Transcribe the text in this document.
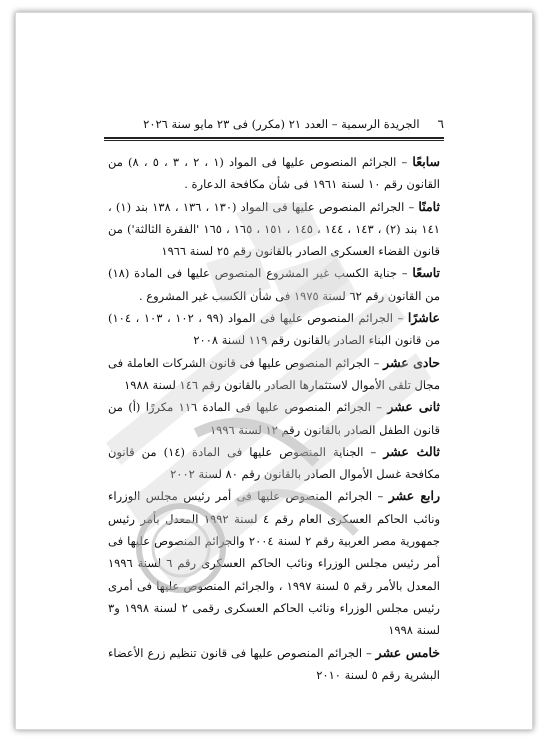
٦
الجريدة الرسمية – العدد ٢١ (مكرر) فى ٢٣ مايو سنة ٢٠٢٦

سابعًا – الجرائم المنصوص عليها فى المواد (١ ، ٢ ، ٣ ، ٥ ، ٨) من القانون رقم ١٠ لسنة ١٩٦١ فى شأن مكافحة الدعارة .

ثامنًا – الجرائم المنصوص عليها فى المواد (١٣٠ ، ١٣٦ ، ١٣٨ بند (١) ، ١٤١ بند (٢) ، ١٤٣ ، ١٤٤ ، ١٤٥ ، ١٥١ ، ١٦٥ ، ١٦٥ 'الفقرة الثالثة') من قانون القضاء العسكرى الصادر بالقانون رقم ٢٥ لسنة ١٩٦٦

تاسعًا – جناية الكسب غير المشروع المنصوص عليها فى المادة (١٨) من القانون رقم ٦٢ لسنة ١٩٧٥ فى شأن الكسب غير المشروع .

عاشرًا – الجرائم المنصوص عليها فى المواد (٩٩ ، ١٠٢ ، ١٠٣ ، ١٠٤) من قانون البناء الصادر بالقانون رقم ١١٩ لسنة ٢٠٠٨

حادى عشر – الجرائم المنصوص عليها فى قانون الشركات العاملة فى مجال تلقى الأموال لاستثمارها الصادر بالقانون رقم ١٤٦ لسنة ١٩٨٨

ثانى عشر – الجرائم المنصوص عليها فى المادة ١١٦ مكررًا (أ) من قانون الطفل الصادر بالقانون رقم ١٢ لسنة ١٩٩٦

ثالث عشر – الجناية المنصوص عليها فى المادة (١٤) من قانون مكافحة غسل الأموال الصادر بالقانون رقم ٨٠ لسنة ٢٠٠٢

رابع عشر – الجرائم المنصوص عليها فى أمر رئيس مجلس الوزراء ونائب الحاكم العسكرى العام رقم ٤ لسنة ١٩٩٢ المعدل بأمر رئيس جمهورية مصر العربية رقم ٢ لسنة ٢٠٠٤ والجرائم المنصوص عليها فى أمر رئيس مجلس الوزراء ونائب الحاكم العسكرى رقم ٦ لسنة ١٩٩٦ المعدل بالأمر رقم ٥ لسنة ١٩٩٧ ، والجرائم المنصوص عليها فى أمرى رئيس مجلس الوزراء ونائب الحاكم العسكرى رقمى ٢ لسنة ١٩٩٨ و٣ لسنة ١٩٩٨

خامس عشر – الجرائم المنصوص عليها فى قانون تنظيم زرع الأعضاء البشرية رقم ٥ لسنة ٢٠١٠
